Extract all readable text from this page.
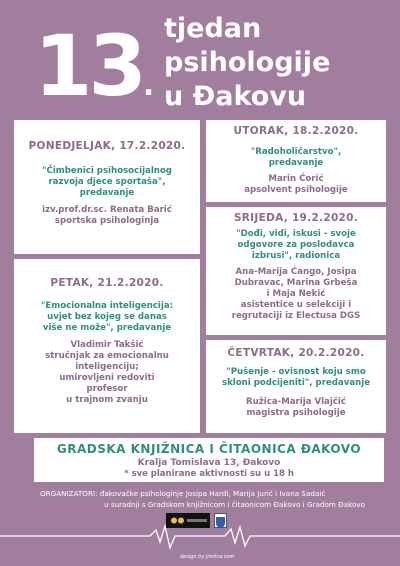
13.
tjedan
psihologije
u Đakovu
PONEDJELJAK, 17.2.2020.
"Čimbenici psihosocijalnog
razvoja djece sportaša",
predavanje
izv.prof.dr.sc. Renata Barić
sportska psihologinja
UTORAK, 18.2.2020.
"Radoholičarstvo",
predavanje
Marin Ćorić
apsolvent psihologije
SRIJEDA, 19.2.2020.
"Dođi, vidi, iskusi - svoje
odgovore za poslodavca
izbrusi", radionica
Ana-Marija Ćango, Josipa
Dubravac, Marina Grbeša
i Maja Nekić
asistentice u selekciji i
regrutaciji iz Electusa DGS
PETAK, 21.2.2020.
"Emocionalna inteligencija:
uvjet bez kojeg se danas
više ne može", predavanje
Vladimir Takšić
stručnjak za emocionalnu
inteligenciju;
umirovljeni redoviti
profesor
u trajnom zvanju
ČETVRTAK, 20.2.2020.
"Pušenje - ovisnost koju smo
skloni podcijeniti", predavanje
Ružica-Marija Vlajčić
magistra psihologije
GRADSKA KNJIŽNICA I ČITAONICA ĐAKOVO
Kralja Tomislava 13, Đakovo
* sve planirane aktivnosti su u 18 h
ORGANIZATORI: đakovačke psihologinje Josipa Hardi, Marija Jurić i Ivana Sadaić
u suradnji s Gradskom knjižnicom i čitaonicom Đakovo i Gradom Đakovo
design by jimlica.com
